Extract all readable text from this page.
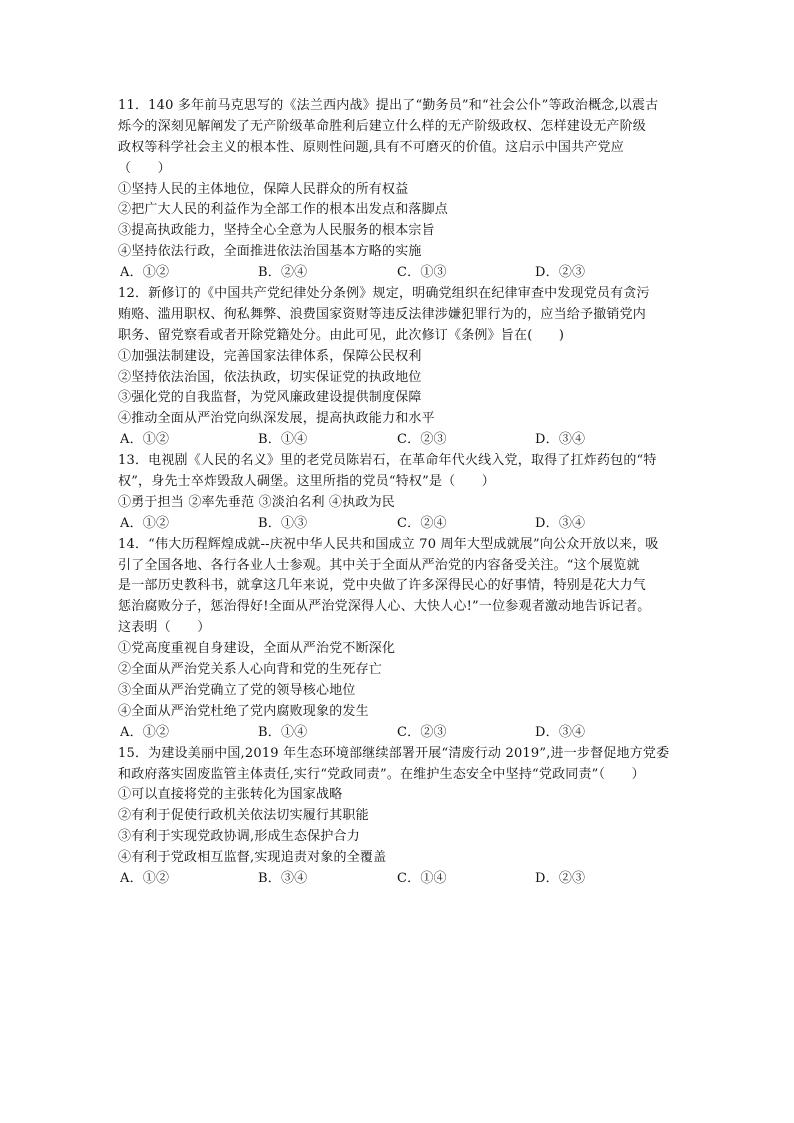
11．140 多年前马克思写的《法兰西内战》提出了“勤务员”和“社会公仆”等政治概念,以震古
烁今的深刻见解阐发了无产阶级革命胜利后建立什么样的无产阶级政权、怎样建设无产阶级
政权等科学社会主义的根本性、原则性问题,具有不可磨灭的价值。这启示中国共产党应
（　　）
①坚持人民的主体地位，保障人民群众的所有权益
②把广大人民的利益作为全部工作的根本出发点和落脚点
③提高执政能力，坚持全心全意为人民服务的根本宗旨
④坚持依法行政，全面推进依法治国基本方略的实施
A．①②	B．②④	C．①③	D．②③
12．新修订的《中国共产党纪律处分条例》规定，明确党组织在纪律审查中发现党员有贪污
贿赂、滥用职权、徇私舞弊、浪费国家资财等违反法律涉嫌犯罪行为的，应当给予撤销党内
职务、留党察看或者开除党籍处分。由此可见，此次修订《条例》旨在(　　)
①加强法制建设，完善国家法律体系，保障公民权利
②坚持依法治国，依法执政，切实保证党的执政地位
③强化党的自我监督，为党风廉政建设提供制度保障
④推动全面从严治党向纵深发展，提高执政能力和水平
A．①②	B．①④	C．②③	D．③④
13．电视剧《人民的名义》里的老党员陈岩石，在革命年代火线入党，取得了扛炸药包的“特
权”，身先士卒炸毁敌人碉堡。这里所指的党员“特权”是（　　）
①勇于担当 ②率先垂范 ③淡泊名利 ④执政为民
A．①②	B．①③	C．②④	D．③④
14．“伟大历程辉煌成就--庆祝中华人民共和国成立 70 周年大型成就展”向公众开放以来，吸
引了全国各地、各行各业人士参观。其中关于全面从严治党的内容备受关注。“这个展览就
是一部历史教科书，就拿这几年来说，党中央做了许多深得民心的好事情，特别是花大力气
惩治腐败分子，惩治得好!全面从严治党深得人心、大快人心!”一位参观者激动地告诉记者。
这表明（　　）
①党高度重视自身建设，全面从严治党不断深化
②全面从严治党关系人心向背和党的生死存亡
③全面从严治党确立了党的领导核心地位
④全面从严治党杜绝了党内腐败现象的发生
A．①②	B．①④	C．②③	D．③④
15．为建设美丽中国,2019 年生态环境部继续部署开展“清废行动 2019”,进一步督促地方党委
和政府落实固废监管主体责任,实行“党政同责”。在维护生态安全中坚持“党政同责”（　　）
①可以直接将党的主张转化为国家战略
②有利于促使行政机关依法切实履行其职能
③有利于实现党政协调,形成生态保护合力
④有利于党政相互监督,实现追责对象的全覆盖
A．①②	B．③④	C．①④	D．②③
